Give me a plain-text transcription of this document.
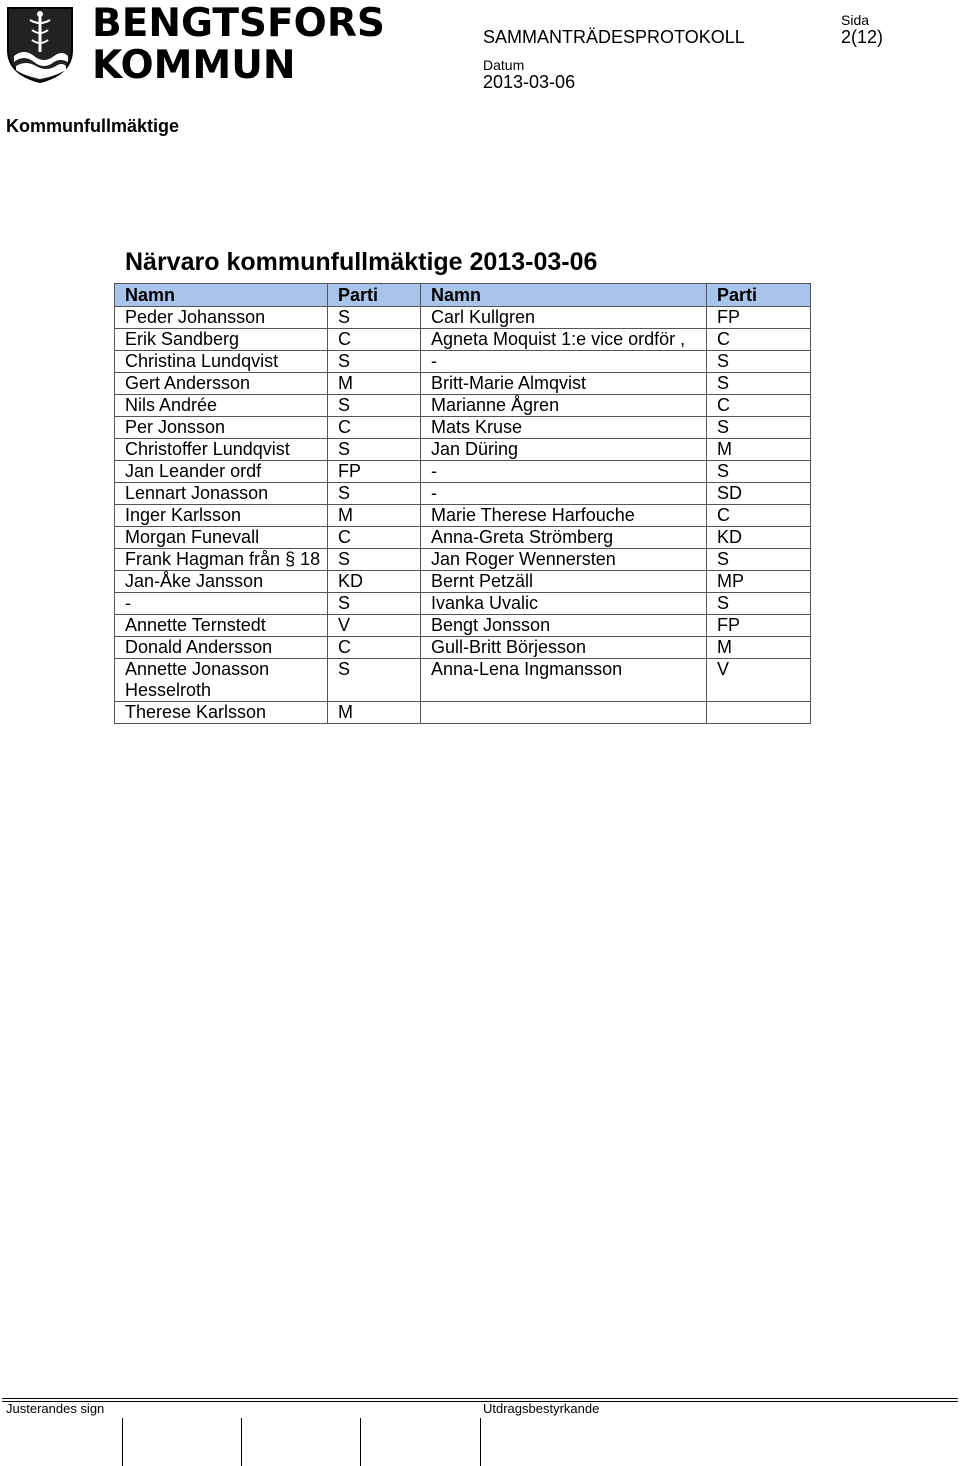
BENGTSFORS
KOMMUN
SAMMANTRÄDESPROTOKOLL
Sida
2(12)
Datum
2013-03-06
Kommunfullmäktige
Närvaro kommunfullmäktige 2013-03-06
Namn	Parti	Namn	Parti
Peder Johansson	S	Carl Kullgren	FP
Erik Sandberg	C	Agneta Moquist 1:e vice ordför ,	C
Christina Lundqvist	S	-	S
Gert Andersson	M	Britt-Marie Almqvist	S
Nils Andrée	S	Marianne Ågren	C
Per Jonsson	C	Mats Kruse	S
Christoffer Lundqvist	S	Jan Düring	M
Jan Leander ordf	FP	-	S
Lennart Jonasson	S	-	SD
Inger Karlsson	M	Marie Therese Harfouche	C
Morgan Funevall	C	Anna-Greta Strömberg	KD
Frank Hagman från § 18	S	Jan Roger Wennersten	S
Jan-Åke Jansson	KD	Bernt Petzäll	MP
-	S	Ivanka Uvalic	S
Annette Ternstedt	V	Bengt Jonsson	FP
Donald Andersson	C	Gull-Britt Börjesson	M
Annette Jonasson Hesselroth	S	Anna-Lena Ingmansson	V
Therese Karlsson	M		
Justerandes sign	Utdragsbestyrkande
